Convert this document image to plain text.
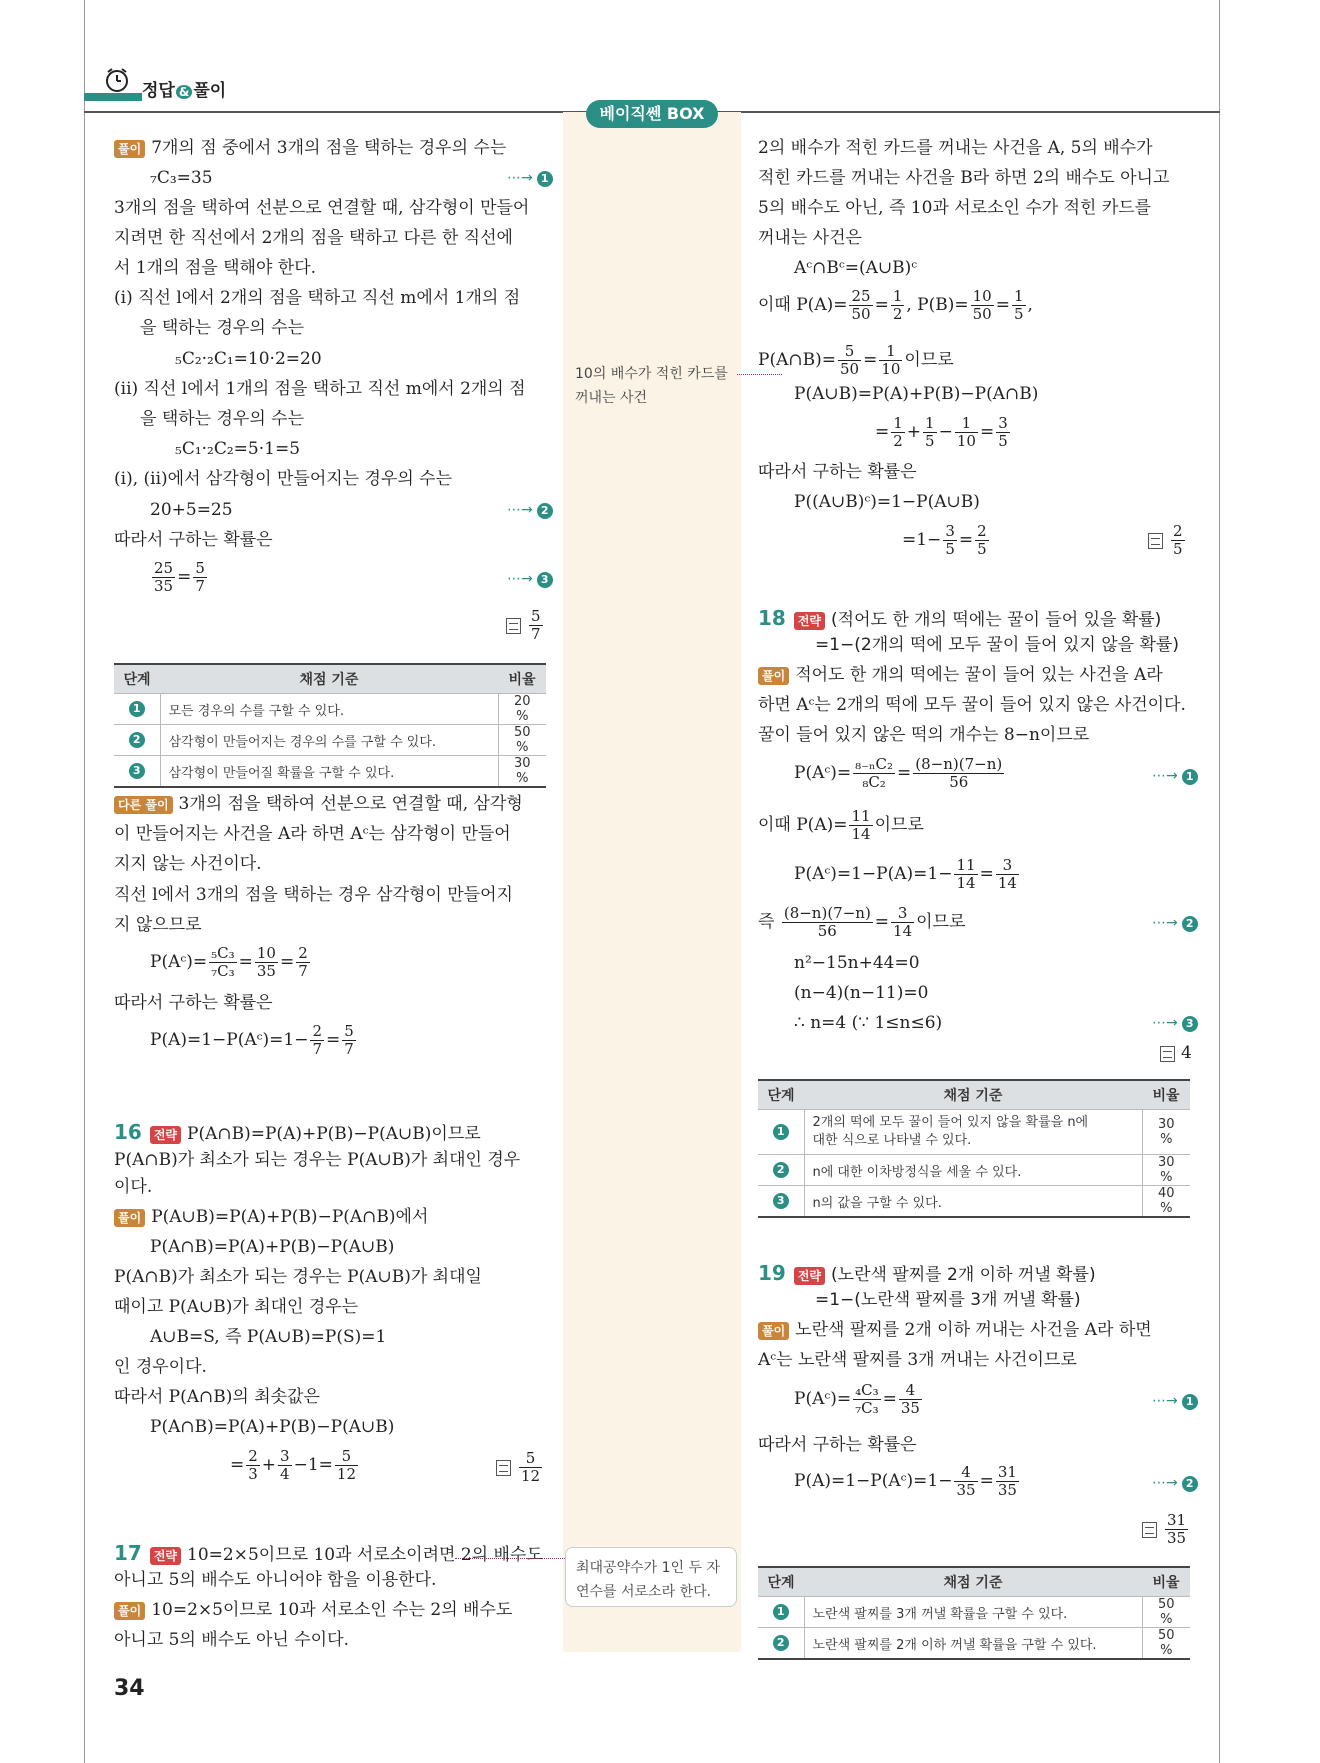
정답 & 풀이
베이직쎈 BOX
풀이 7개의 점 중에서 3개의 점을 택하는 경우의 수는
₇C₃=35	⋯→ 1
3개의 점을 택하여 선분으로 연결할 때, 삼각형이 만들어
지려면 한 직선에서 2개의 점을 택하고 다른 한 직선에
서 1개의 점을 택해야 한다.
(i) 직선 l에서 2개의 점을 택하고 직선 m에서 1개의 점
을 택하는 경우의 수는
₅C₂·₂C₁=10·2=20
(ii) 직선 l에서 1개의 점을 택하고 직선 m에서 2개의 점
을 택하는 경우의 수는
₅C₁·₂C₂=5·1=5
(i), (ii)에서 삼각형이 만들어지는 경우의 수는
20+5=25	⋯→ 2
따라서 구하는 확률은
$\frac{25}{35} = \frac{5}{7}$	⋯→ 3
$\frac{5}{7}$
단계	채점 기준	비율
1	모든 경우의 수를 구할 수 있다.	20 %
2	삼각형이 만들어지는 경우의 수를 구할 수 있다.	50 %
3	삼각형이 만들어질 확률을 구할 수 있다.	30 %
다른 풀이 3개의 점을 택하여 선분으로 연결할 때, 삼각형
이 만들어지는 사건을 A라 하면 Aᶜ는 삼각형이 만들어
지지 않는 사건이다.
직선 l에서 3개의 점을 택하는 경우 삼각형이 만들어지
지 않으므로
P(Aᶜ)= $\frac{\text{₅C₃}}{\text{₇C₃}} = \frac{10}{35} = \frac{2}{7}$
따라서 구하는 확률은
P(A)=1−P(Aᶜ)=1− $\frac{2}{7} = \frac{5}{7}$
16 전략 P(A∩B)=P(A)+P(B)−P(A∪B)이므로
P(A∩B)가 최소가 되는 경우는 P(A∪B)가 최대인 경우
이다.
풀이 P(A∪B)=P(A)+P(B)−P(A∩B)에서
P(A∩B)=P(A)+P(B)−P(A∪B)
P(A∩B)가 최소가 되는 경우는 P(A∪B)가 최대일
때이고 P(A∪B)가 최대인 경우는
A∪B=S, 즉 P(A∪B)=P(S)=1
인 경우이다.
따라서 P(A∩B)의 최솟값은
P(A∩B)=P(A)+P(B)−P(A∪B)
= $\frac{2}{3} + \frac{3}{4} -1= \frac{5}{12}$	$\frac{5}{12}$
17 전략 10=2×5이므로 10과 서로소이려면 2의 배수도
아니고 5의 배수도 아니어야 함을 이용한다.
풀이 10=2×5이므로 10과 서로소인 수는 2의 배수도
아니고 5의 배수도 아닌 수이다.
10의 배수가 적힌 카드를
꺼내는 사건
최대공약수가 1인 두 자
연수를 서로소라 한다.
2의 배수가 적힌 카드를 꺼내는 사건을 A, 5의 배수가
적힌 카드를 꺼내는 사건을 B라 하면 2의 배수도 아니고
5의 배수도 아닌, 즉 10과 서로소인 수가 적힌 카드를
꺼내는 사건은
Aᶜ∩Bᶜ=(A∪B)ᶜ
이때 $P(A)= \frac{25}{50} = \frac{1}{2}$ , $P(B)= \frac{10}{50} = \frac{1}{5}$ ,
P(A∩B)= $\frac{5}{50} = \frac{1}{10}$ 이므로
P(A∪B)=P(A)+P(B)−P(A∩B)
= $\frac{1}{2} + \frac{1}{5} - \frac{1}{10} = \frac{3}{5}$
따라서 구하는 확률은
P((A∪B)ᶜ)=1−P(A∪B)
$=1- \frac{3}{5} = \frac{2}{5}$	$\frac{2}{5}$
18 전략 (적어도 한 개의 떡에는 꿀이 들어 있을 확률)
=1−(2개의 떡에 모두 꿀이 들어 있지 않을 확률)
풀이 적어도 한 개의 떡에는 꿀이 들어 있는 사건을 A라
하면 Aᶜ는 2개의 떡에 모두 꿀이 들어 있지 않은 사건이다.
꿀이 들어 있지 않은 떡의 개수는 8−n이므로
P(Aᶜ)= $\frac{\text{₈₋ₙC₂}}{\text{₈C₂}} = \frac{(8-n)(7-n)}{56}$	⋯→ 1
이때 $P(A)= \frac{11}{14}$ 이므로
P(Aᶜ)=1−P(A)=1− $\frac{11}{14} = \frac{3}{14}$
즉 $\frac{(8-n)(7-n)}{56} = \frac{3}{14}$ 이므로	⋯→ 2
n²−15n+44=0
(n−4)(n−11)=0
∴ n=4 (∵ 1≤n≤6)	⋯→ 3
4
단계	채점 기준	비율
1	2개의 떡에 모두 꿀이 들어 있지 않을 확률을 n에
대한 식으로 나타낼 수 있다.	30 %
2	n에 대한 이차방정식을 세울 수 있다.	30 %
3	n의 값을 구할 수 있다.	40 %
19 전략 (노란색 팔찌를 2개 이하 꺼낼 확률)
=1−(노란색 팔찌를 3개 꺼낼 확률)
풀이 노란색 팔찌를 2개 이하 꺼내는 사건을 A라 하면
Aᶜ는 노란색 팔찌를 3개 꺼내는 사건이므로
P(Aᶜ)= $\frac{\text{₄C₃}}{\text{₇C₃}} = \frac{4}{35}$	⋯→ 1
따라서 구하는 확률은
P(A)=1−P(Aᶜ)=1− $\frac{4}{35} = \frac{31}{35}$	⋯→ 2
$\frac{31}{35}$
단계	채점 기준	비율
1	노란색 팔찌를 3개 꺼낼 확률을 구할 수 있다.	50 %
2	노란색 팔찌를 2개 이하 꺼낼 확률을 구할 수 있다.	50 %
34
